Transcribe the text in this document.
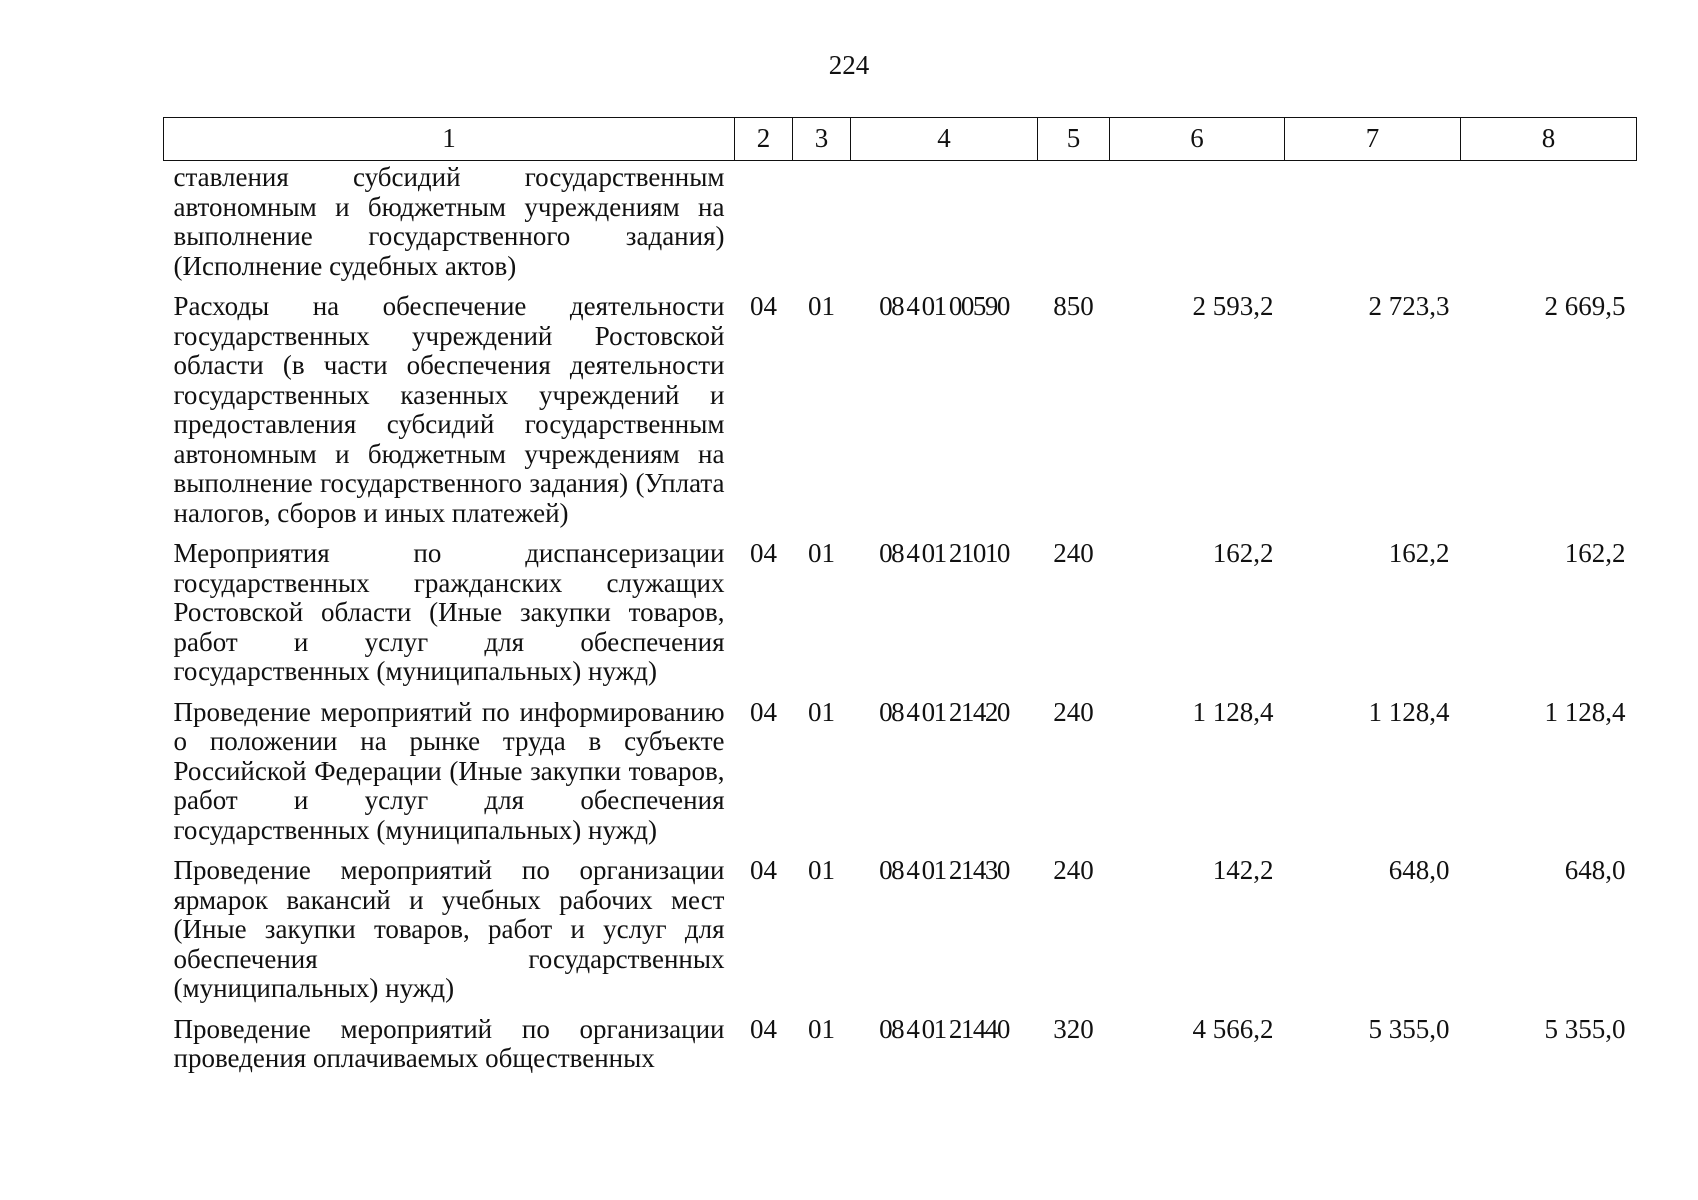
224
1	2	3	4	5	6	7	8
ставления субсидий государственным автономным и бюджетным учреждениям на выполнение государственного задания) (Исполнение судебных актов)							
Расходы на обеспечение деятельности государственных учреждений Ростовской области (в части обеспечения деятельности государственных казенных учреждений и предоставления субсидий государственным автономным и бюджетным учреждениям на выполнение государственного задания) (Уплата налогов, сборов и иных платежей)	04	01	08 4 01 00590	850	2 593,2	2 723,3	2 669,5
Мероприятия по диспансеризации государственных гражданских служащих Ростовской области (Иные закупки товаров, работ и услуг для обеспечения государственных (муниципальных) нужд)	04	01	08 4 01 21010	240	162,2	162,2	162,2
Проведение мероприятий по информированию о положении на рынке труда в субъекте Российской Федерации (Иные закупки товаров, работ и услуг для обеспечения государственных (муниципальных) нужд)	04	01	08 4 01 21420	240	1 128,4	1 128,4	1 128,4
Проведение мероприятий по организации ярмарок вакансий и учебных рабочих мест (Иные закупки товаров, работ и услуг для обеспечения государственных (муниципальных) нужд)	04	01	08 4 01 21430	240	142,2	648,0	648,0
Проведение мероприятий по организации проведения оплачиваемых общественных	04	01	08 4 01 21440	320	4 566,2	5 355,0	5 355,0
